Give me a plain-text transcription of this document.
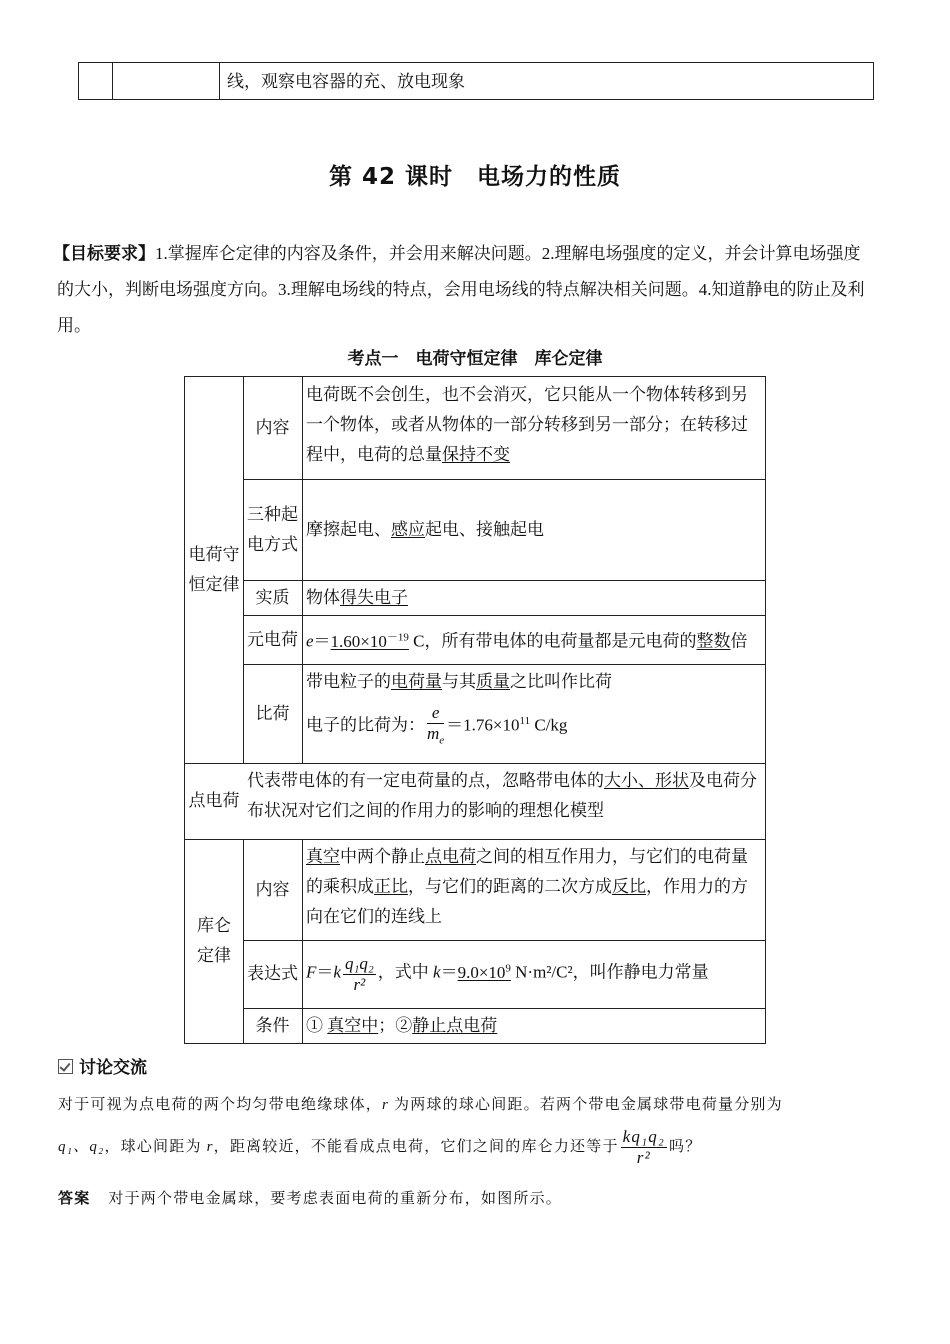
线，观察电容器的充、放电现象
第 42 课时　电场力的性质
【目标要求】1.掌握库仑定律的内容及条件，并会用来解决问题。2.理解电场强度的定义，并会计算电场强度
的大小，判断电场强度方向。3.理解电场线的特点，会用电场线的特点解决相关问题。4.知道静电的防止及利
用。
考点一　电荷守恒定律　库仑定律
电荷守恒定律
内容
电荷既不会创生，也不会消灭，它只能从一个物体转移到另一个物体，或者从物体的一部分转移到另一部分；在转移过程中，电荷的总量保持不变
三种起电方式
摩擦起电、感应起电、接触起电
实质 物体得失电子
元电荷 $e=1.60\times 10^{-19}$ C，所有带电体的电荷量都是元电荷的整数倍
比荷
带电粒子的电荷量与其质量之比叫作比荷
电子的比荷为： $\frac{e}{m_e} =1.76\times 10^{11}$ C/kg
点电荷
代表带电体的有一定电荷量的点，忽略带电体的大小、形状及电荷分布状况对它们之间的作用力的影响的理想化模型
库仑定律
内容
真空中两个静止点电荷之间的相互作用力，与它们的电荷量的乘积成正比，与它们的距离的二次方成反比，作用力的方向在它们的连线上
表达式 $F=k \frac{\text{q₁q₂}}{\text{r²}}$ ，式中 $k=9.0\times 10^9$ N·m²/C²，叫作静电力常量
条件 ① 真空中；②静止点电荷
讨论交流
对于可视为点电荷的两个均匀带电绝缘球体，r 为两球的球心间距。若两个带电金属球带电荷量分别为
q₁、q₂，球心间距为 r，距离较近，不能看成点电荷，它们之间的库仑力还等于 $\frac{\text{kq₁q₂}}{\text{r²}}$ 吗？
答案 对于两个带电金属球，要考虑表面电荷的重新分布，如图所示。
